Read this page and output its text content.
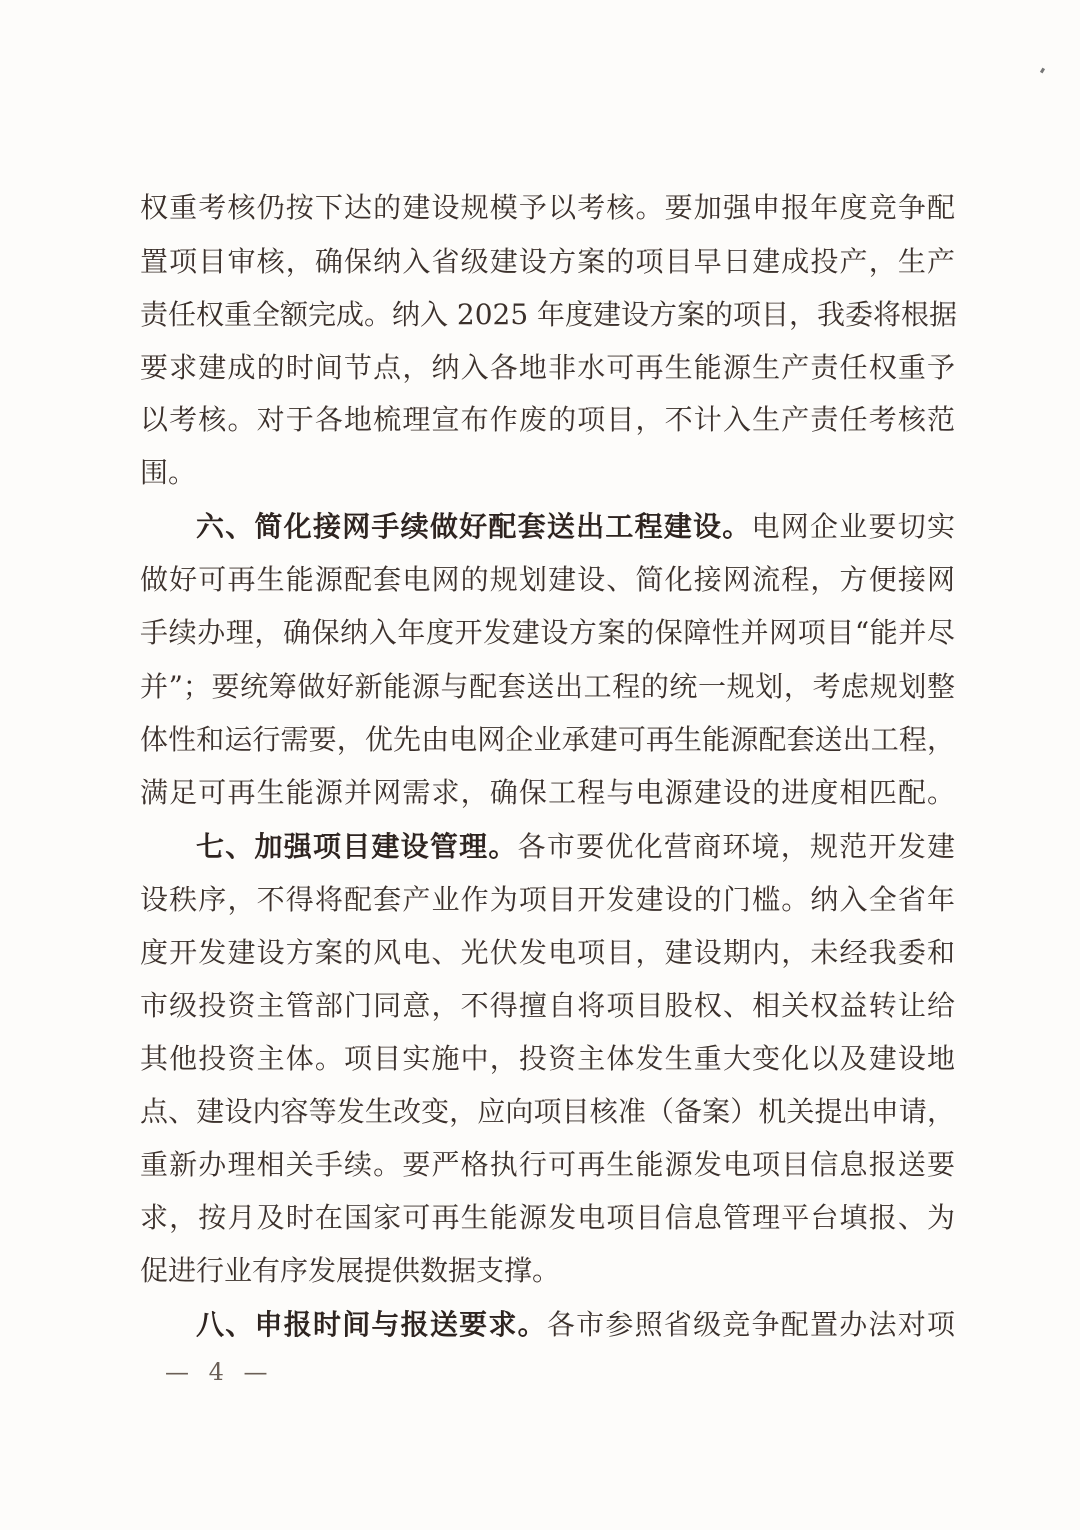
权重考核仍按下达的建设规模予以考核。要加强申报年度竞争配
置项目审核，确保纳入省级建设方案的项目早日建成投产，生产
责任权重全额完成。纳入 2025 年度建设方案的项目，我委将根据
要求建成的时间节点，纳入各地非水可再生能源生产责任权重予
以考核。对于各地梳理宣布作废的项目，不计入生产责任考核范
围。
六、简化接网手续做好配套送出工程建设。电网企业要切实
做好可再生能源配套电网的规划建设、简化接网流程，方便接网
手续办理，确保纳入年度开发建设方案的保障性并网项目“能并尽
并”；要统筹做好新能源与配套送出工程的统一规划，考虑规划整
体性和运行需要，优先由电网企业承建可再生能源配套送出工程，
满足可再生能源并网需求，确保工程与电源建设的进度相匹配。
七、加强项目建设管理。各市要优化营商环境，规范开发建
设秩序，不得将配套产业作为项目开发建设的门槛。纳入全省年
度开发建设方案的风电、光伏发电项目，建设期内，未经我委和
市级投资主管部门同意，不得擅自将项目股权、相关权益转让给
其他投资主体。项目实施中，投资主体发生重大变化以及建设地
点、建设内容等发生改变，应向项目核准（备案）机关提出申请，
重新办理相关手续。要严格执行可再生能源发电项目信息报送要
求，按月及时在国家可再生能源发电项目信息管理平台填报、为
促进行业有序发展提供数据支撑。
八、申报时间与报送要求。各市参照省级竞争配置办法对项
— 4 —
